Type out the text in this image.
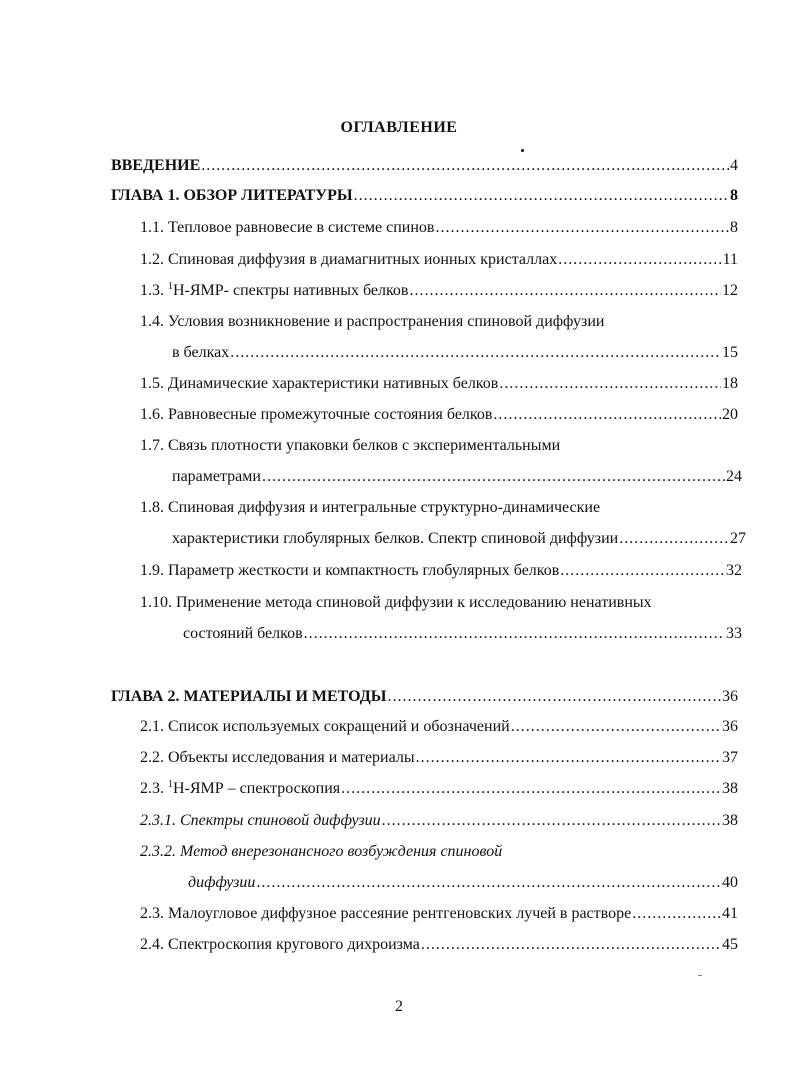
ОГЛАВЛЕНИЕ
ВВЕДЕНИЕ .....	4
ГЛАВА 1. ОБЗОР ЛИТЕРАТУРЫ .....	8
1.1. Тепловое равновесие в системе спинов .....	8
1.2. Спиновая диффузия в диамагнитных ионных кристаллах .....	11
1.3. $^1$Н-ЯМР- спектры нативных белков .....	12
1.4. Условия возникновение и распространения спиновой диффузии
в белках .....	15
1.5. Динамические характеристики нативных белков .....	18
1.6. Равновесные промежуточные состояния белков .....	20
1.7. Связь плотности упаковки белков с экспериментальными
параметрами .....	24
1.8. Спиновая диффузия и интегральные структурно-динамические
характеристики глобулярных белков. Спектр спиновой диффузии .....	27
1.9. Параметр жесткости и компактность глобулярных белков .....	32
1.10. Применение метода спиновой диффузии к исследованию ненативных
состояний белков .....	33
ГЛАВА 2. МАТЕРИАЛЫ И МЕТОДЫ .....	36
2.1. Список используемых сокращений и обозначений .....	36
2.2. Объекты исследования и материалы .....	37
2.3. $^1$Н-ЯМР – спектроскопия .....	38
2.3.1. Спектры спиновой диффузии .....	38
2.3.2. Метод внерезонансного возбуждения спиновой
диффузии .....	40
2.3. Малоугловое диффузное рассеяние рентгеновских лучей в растворе .....	41
2.4. Спектроскопия кругового дихроизма .....	45
2
